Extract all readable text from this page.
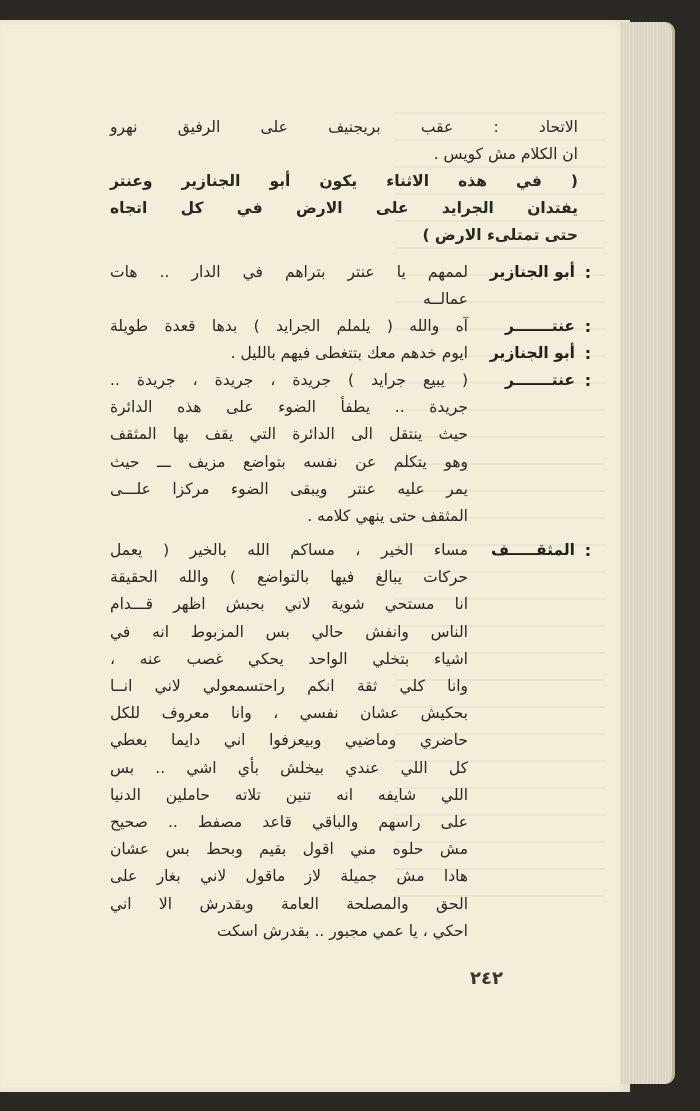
الاتحاد : عقب بريجنيف على الرفيق نهرو
ان الكلام مش كويس .
( في هذه الاثناء يكون أبو الجنازير وعنتر
يفتدان الجرايد على الارض في كل اتجاه
حتى تمتلىء الارض )
أبو الجنازير :
لممهم يا عنتر بتراهم في الدار .. هات
عمالــه
عنتـــــــر :
آه والله ( يلملم الجرايد ) بدها قعدة طويلة
أبو الجنازير :
ايوم خدهم معك بتتغطى فيهم بالليل .
عنتـــــــر :
( يبيع جرايد ) جريدة ، جريدة ، جريدة ..
جريدة .. يطفأ الضوء على هذه الدائرة
حيث ينتقل الى الدائرة التي يقف بها المثقف
وهو يتكلم عن نفسه بتواضع مزيف ـــ حيث
يمر عليه عنتر ويبقى الضوء مركزا علـــى
المثقف حتى ينهي كلامه .
المثقـــــف :
مساء الخير ، مساكم الله بالخير ( يعمل
حركات يبالغ فيها بالتواضع ) والله الحقيقة
انا مستحي شوية لاني بحبش اظهر قـــدام
الناس وانفش حالي بس المزبوط انه في
اشياء بتخلي الواحد يحكي غصب عنه ،
وانا كلي ثقة انكم راحتسمعولي لاني انــا
بحكيش عشان نفسي ، وانا معروف للكل
حاضري وماضيي وبيعرفوا اني دايما بعطي
كل اللي عندي بيخلش بأي اشي .. بس
اللي شايفه انه تنين تلاته حاملين الدنيا
على راسهم والباقي قاعد مصفط .. صحيح
مش حلوه مني اقول بقيم وبحط بس عشان
هادا مش جميلة لاز ماقول لاني بغار على
الحق والمصلحة العامة وبقدرش الا اني
احكي ، يا عمي مجبور .. بقدرش اسكت
٢٤٢
